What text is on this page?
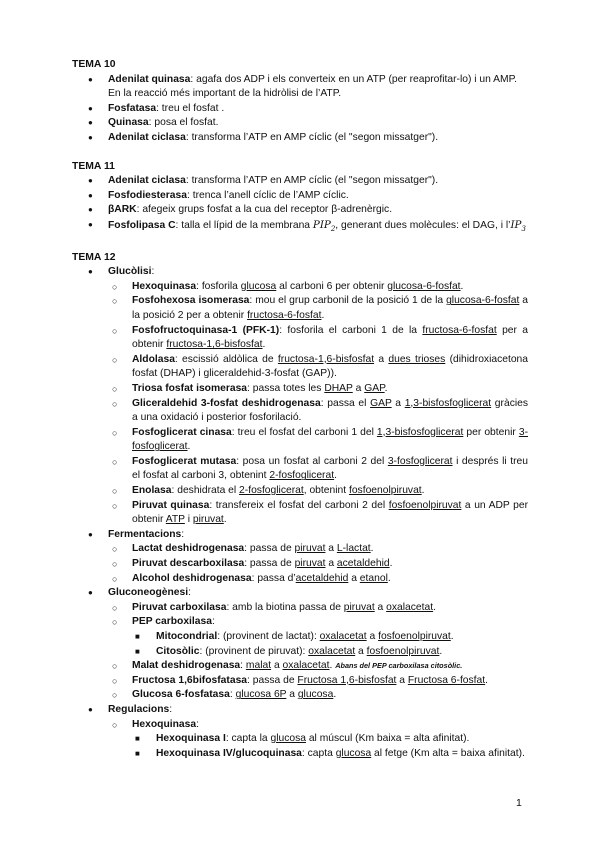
TEMA 10
● Adenilat quinasa: agafa dos ADP i els converteix en un ATP (per reaprofitar-lo) i un AMP. En la reacció més important de la hidròlisi de l’ATP.
● Fosfatasa: treu el fosfat .
● Quinasa: posa el fosfat.
● Adenilat ciclasa: transforma l’ATP en AMP cíclic (el "segon missatger").
TEMA 11
● Adenilat ciclasa: transforma l’ATP en AMP cíclic (el "segon missatger").
● Fosfodiesterasa: trenca l’anell cíclic de l’AMP cíclic.
● βARK: afegeix grups fosfat a la cua del receptor β-adrenèrgic.
● Fosfolipasa C: talla el lípid de la membrana $PIP_2$, generant dues molècules: el DAG, i $l’IP_3$
TEMA 12
● Glucòlisi:
○ Hexoquinasa: fosforila glucosa al carboni 6 per obtenir glucosa-6-fosfat.
○ Fosfohexosa isomerasa: mou el grup carbonil de la posició 1 de la glucosa-6-fosfat a la posició 2 per a obtenir fructosa-6-fosfat.
○ Fosfofructoquinasa-1 (PFK-1): fosforila el carboni 1 de la fructosa-6-fosfat per a obtenir fructosa-1,6-bisfosfat.
○ Aldolasa: escissió aldòlica de fructosa-1,6-bisfosfat a dues trioses (dihidroxiacetona fosfat (DHAP) i gliceraldehid-3-fosfat (GAP)).
○ Triosa fosfat isomerasa: passa totes les DHAP a GAP.
○ Gliceraldehid 3-fosfat deshidrogenasa: passa el GAP a 1,3-bisfosfoglicerat gràcies a una oxidació i posterior fosforilació.
○ Fosfoglicerat cinasa: treu el fosfat del carboni 1 del 1,3-bisfosfoglicerat per obtenir 3-fosfoglicerat.
○ Fosfoglicerat mutasa: posa un fosfat al carboni 2 del 3-fosfoglicerat i després li treu el fosfat al carboni 3, obtenint 2-fosfoglicerat.
○ Enolasa: deshidrata el 2-fosfoglicerat, obtenint fosfoenolpiruvat.
○ Piruvat quinasa: transfereix el fosfat del carboni 2 del fosfoenolpiruvat a un ADP per obtenir ATP i piruvat.
● Fermentacions:
○ Lactat deshidrogenasa: passa de piruvat a L-lactat.
○ Piruvat descarboxilasa: passa de piruvat a acetaldehid.
○ Alcohol deshidrogenasa: passa d’acetaldehid a etanol.
● Gluconeogènesi:
○ Piruvat carboxilasa: amb la biotina passa de piruvat a oxalacetat.
○ PEP carboxilasa:
■ Mitocondrial: (provinent de lactat): oxalacetat a fosfoenolpiruvat.
■ Citosòlic: (provinent de piruvat): oxalacetat a fosfoenolpiruvat.
○ Malat deshidrogenasa: malat a oxalacetat. Abans del PEP carboxilasa citosòlic.
○ Fructosa 1,6bifosfatasa: passa de Fructosa 1,6-bisfosfat a Fructosa 6-fosfat.
○ Glucosa 6-fosfatasa: glucosa 6P a glucosa.
● Regulacions:
○ Hexoquinasa:
■ Hexoquinasa I: capta la glucosa al múscul (Km baixa = alta afinitat).
■ Hexoquinasa IV/glucoquinasa: capta glucosa al fetge (Km alta = baixa afinitat).
1
